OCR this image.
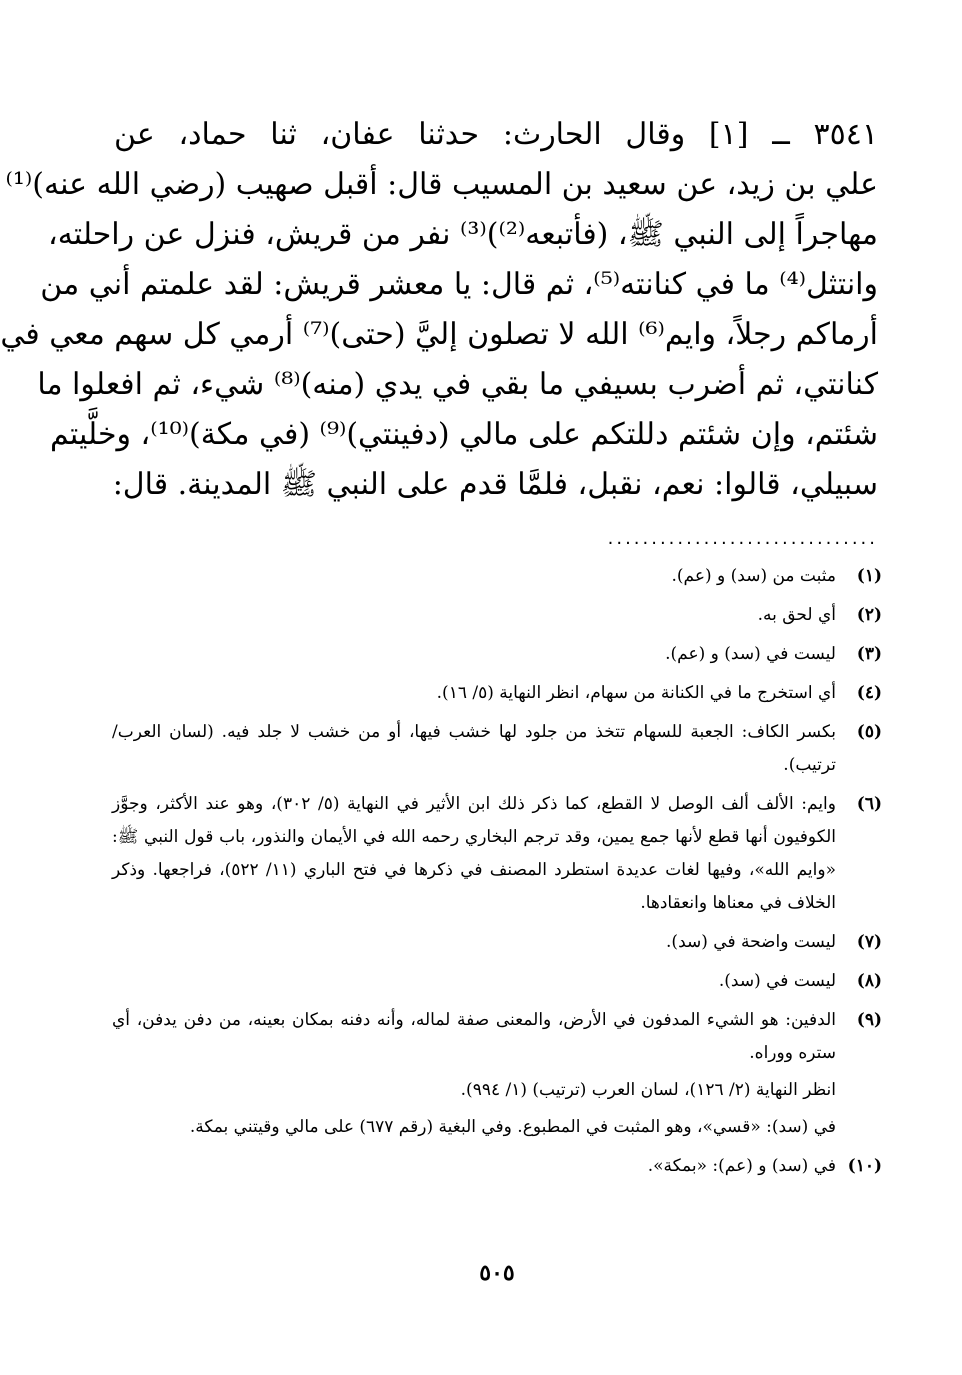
٣٥٤١ ــ [١] وقال الحارث: حدثنا عفان، ثنا حماد، عن
علي بن زيد، عن سعيد بن المسيب قال: أقبل صهيب (رضي الله عنه)⁽¹⁾
مهاجراً إلى النبي ﷺ، (فأتبعه⁽²⁾)⁽³⁾ نفر من قريش، فنزل عن راحلته،
وانتثل⁽⁴⁾ ما في كنانته⁽⁵⁾، ثم قال: يا معشر قريش: لقد علمتم أني من
أرماكم رجلاً، وايم⁽⁶⁾ الله لا تصلون إليَّ (حتى)⁽⁷⁾ أرمي كل سهم معي في
كنانتي، ثم أضرب بسيفي ما بقي في يدي (منه)⁽⁸⁾ شيء، ثم افعلوا ما
شئتم، وإن شئتم دللتكم على مالي (دفينتي)⁽⁹⁾ (في مكة)⁽¹⁰⁾، وخلَّيتم
سبيلي، قالوا: نعم، نقبل، فلمَّا قدم على النبي ﷺ المدينة. قال:
...............................
(١)
مثبت من (سد) و (عم).
(٢)
أي لحق به.
(٣)
ليست في (سد) و (عم).
(٤)
أي استخرج ما في الكنانة من سهام، انظر النهاية (٥/ ١٦).
(٥)
بكسر الكاف: الجعبة للسهام تتخذ من جلود لها خشب فيها، أو من خشب لا جلد فيه. (لسان العرب/ ترتيب).
(٦)
وايم: الألف ألف الوصل لا القطع، كما ذكر ذلك ابن الأثير في النهاية (٥/ ٣٠٢)، وهو عند الأكثر، وجوَّز الكوفيون أنها قطع لأنها جمع يمين، وقد ترجم البخاري رحمه الله في الأيمان والنذور، باب قول النبي ﷺ: «وايم الله»، وفيها لغات عديدة استطرد المصنف في ذكرها في فتح الباري (١١/ ٥٢٢)، فراجعها. وذكر الخلاف في معناها وانعقادها.
(٧)
ليست واضحة في (سد).
(٨)
ليست في (سد).
(٩)
الدفين: هو الشيء المدفون في الأرض، والمعنى صفة لماله، وأنه دفنه بمكان بعينه، من دفن يدفن، أي ستره ووراه.
انظر النهاية (٢/ ١٢٦)، لسان العرب (ترتيب) (١/ ٩٩٤).
في (سد): «قسي»، وهو المثبت في المطبوع. وفي البغية (رقم ٦٧٧) على مالي وقيتني بمكة.
(١٠)
في (سد) و (عم): «بمكة».
٥٠٥
